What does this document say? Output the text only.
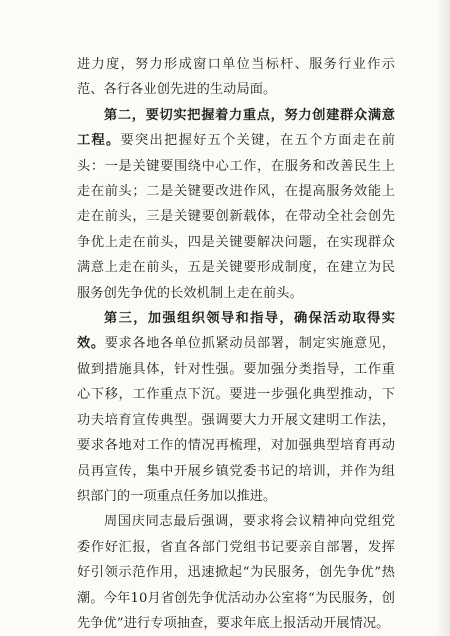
进力度，努力形成窗口单位当标杆、服务行业作示范、各行各业创先进的生动局面。

第二，要切实把握着力重点，努力创建群众满意工程。要突出把握好五个关键，在五个方面走在前头：一是关键要围绕中心工作，在服务和改善民生上走在前头；二是关键要改进作风，在提高服务效能上走在前头，三是关键要创新载体，在带动全社会创先争优上走在前头，四是关键要解决问题，在实现群众满意上走在前头，五是关键要形成制度，在建立为民服务创先争优的长效机制上走在前头。

第三，加强组织领导和指导，确保活动取得实效。要求各地各单位抓紧动员部署，制定实施意见，做到措施具体，针对性强。要加强分类指导，工作重心下移，工作重点下沉。要进一步强化典型推动，下功夫培育宣传典型。强调要大力开展文建明工作法，要求各地对工作的情况再梳理，对加强典型培育再动员再宣传，集中开展乡镇党委书记的培训，并作为组织部门的一项重点任务加以推进。

周国庆同志最后强调，要求将会议精神向党组党委作好汇报，省直各部门党组书记要亲自部署，发挥好引领示范作用，迅速掀起“为民服务，创先争优”热潮。今年10月省创先争优活动办公室将“为民服务，创先争优”进行专项抽查，要求年底上报活动开展情况。
